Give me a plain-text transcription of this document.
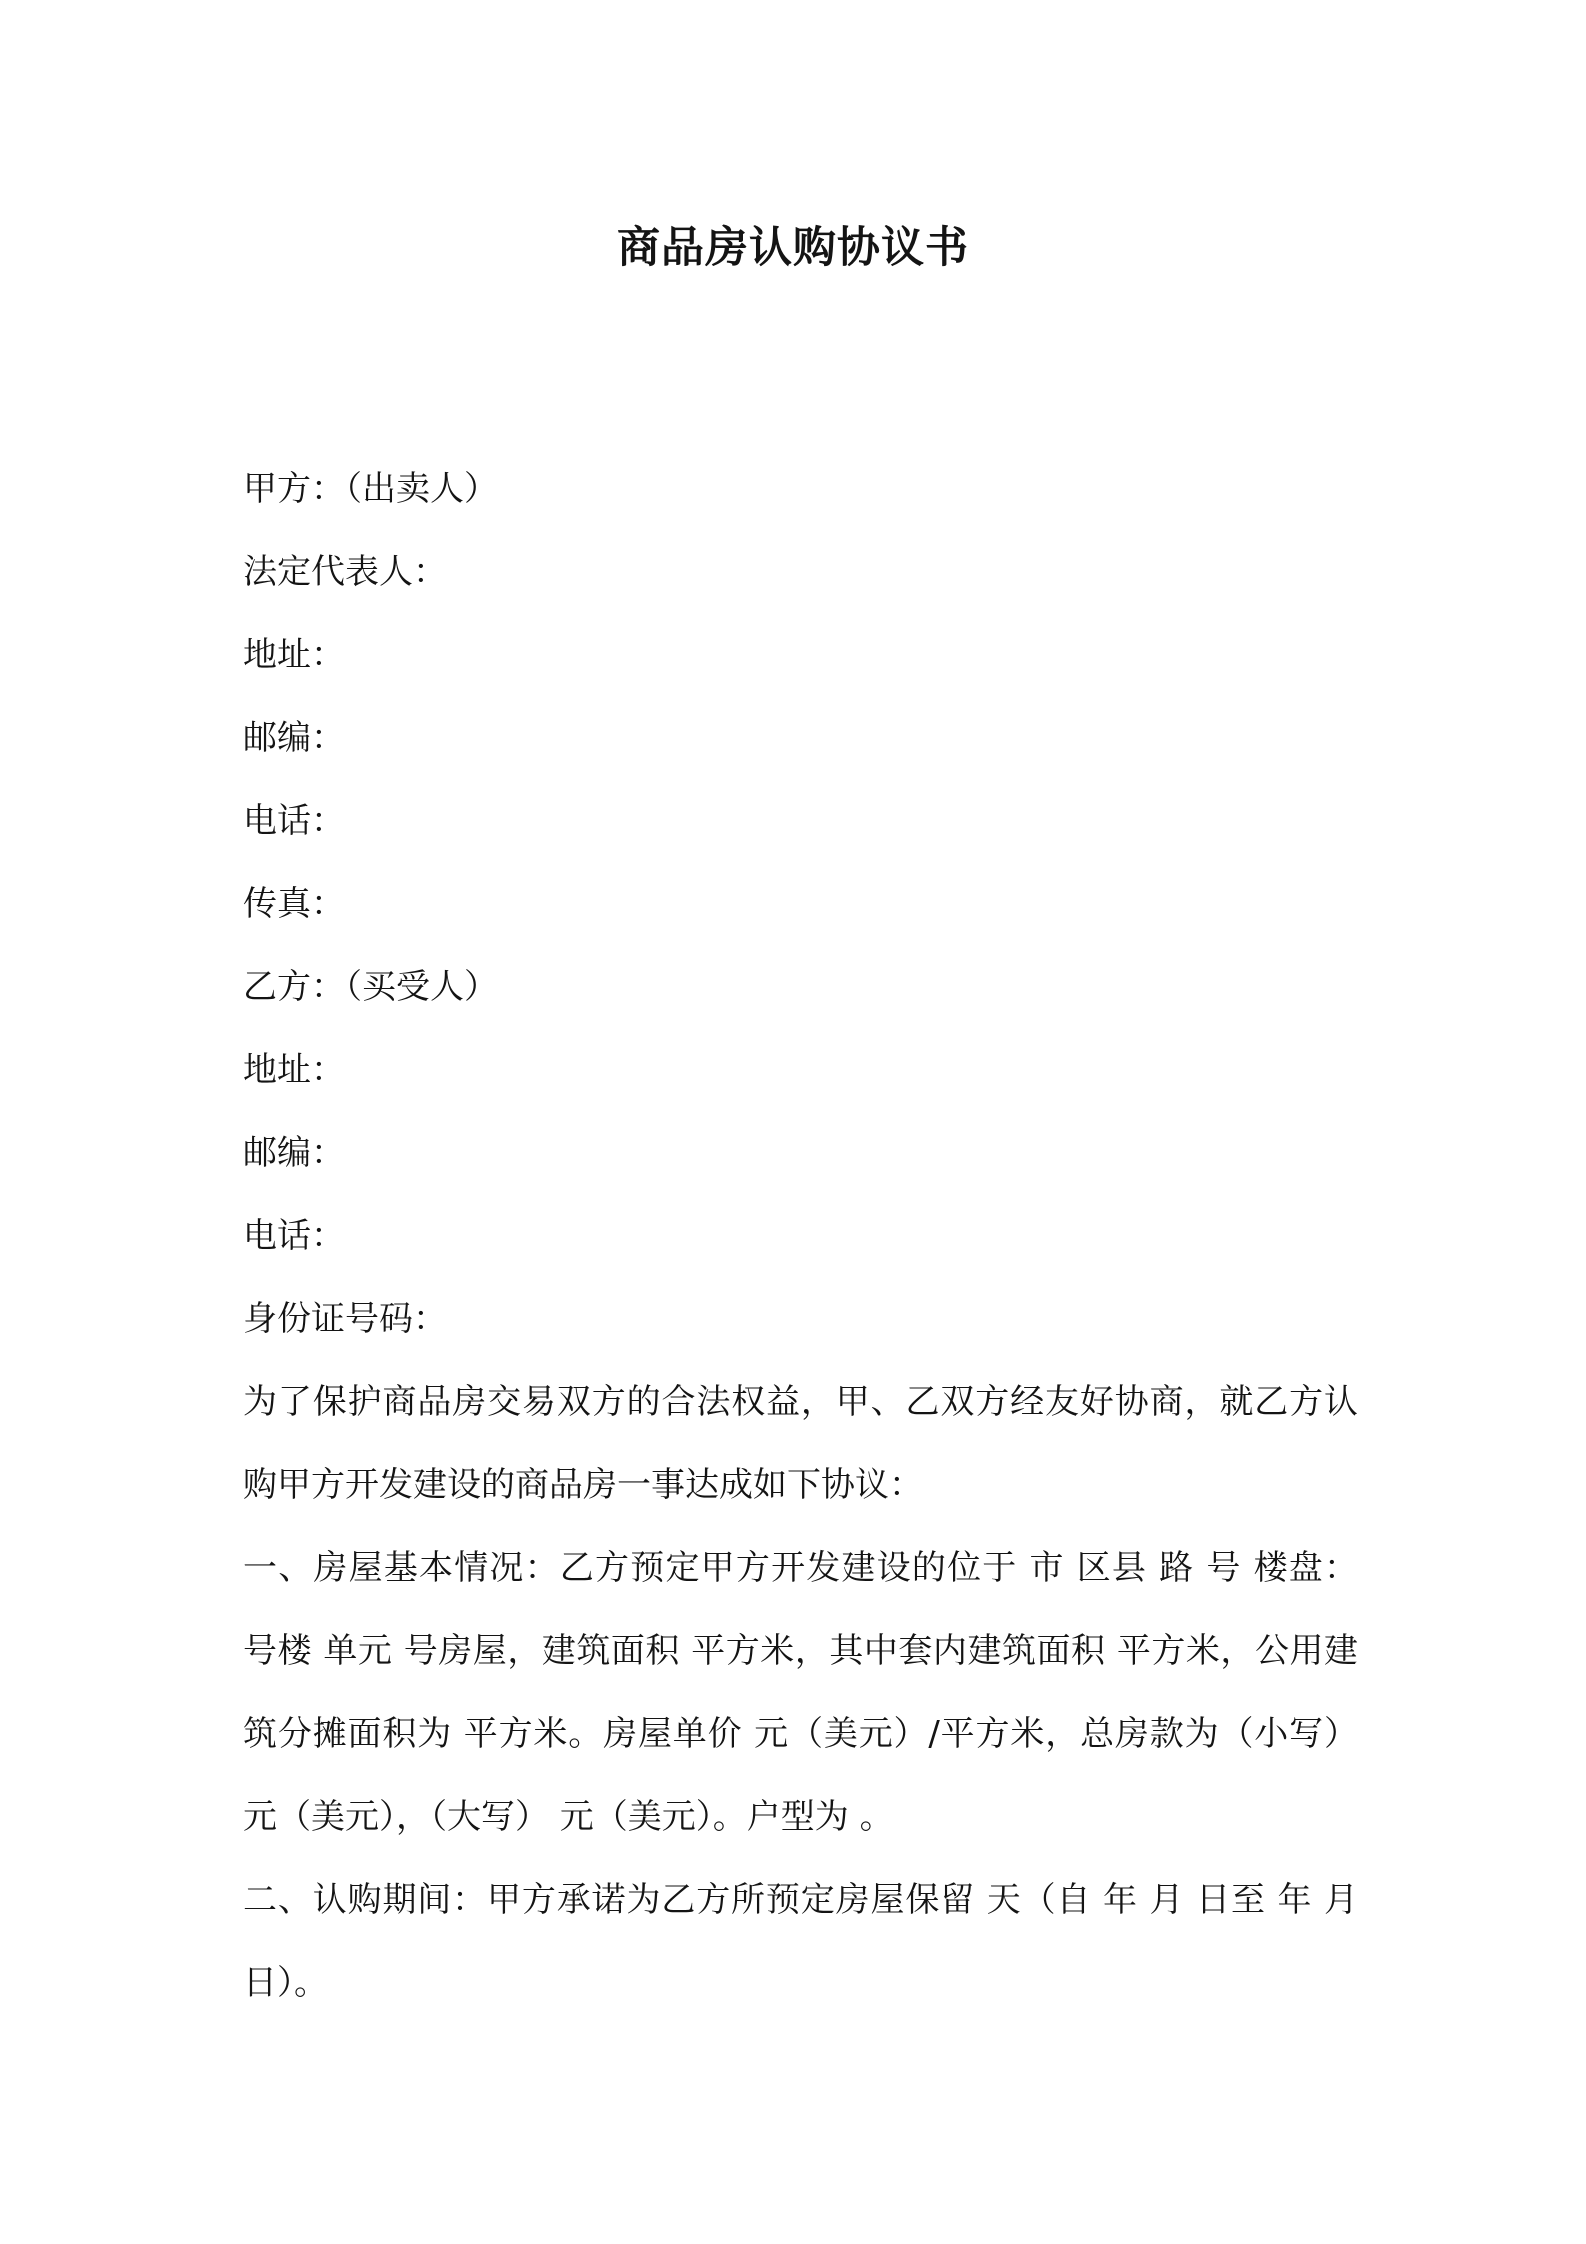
商品房认购协议书
甲方：（出卖人）
法定代表人：
地址：
邮编：
电话：
传真：
乙方：（买受人）
地址：
邮编：
电话：
身份证号码：
为了保护商品房交易双方的合法权益，甲、乙双方经友好协商，就乙方认购甲方开发建设的商品房一事达成如下协议：
一、房屋基本情况：乙方预定甲方开发建设的位于 市 区县 路 号 楼盘： 号楼 单元 号房屋，建筑面积 平方米，其中套内建筑面积 平方米，公用建筑分摊面积为 平方米。房屋单价 元（美元）/平方米，总房款为（小写） 元（美元），（大写） 元（美元）。户型为 。
二、认购期间：甲方承诺为乙方所预定房屋保留 天（自 年 月 日至 年 月 日）。
